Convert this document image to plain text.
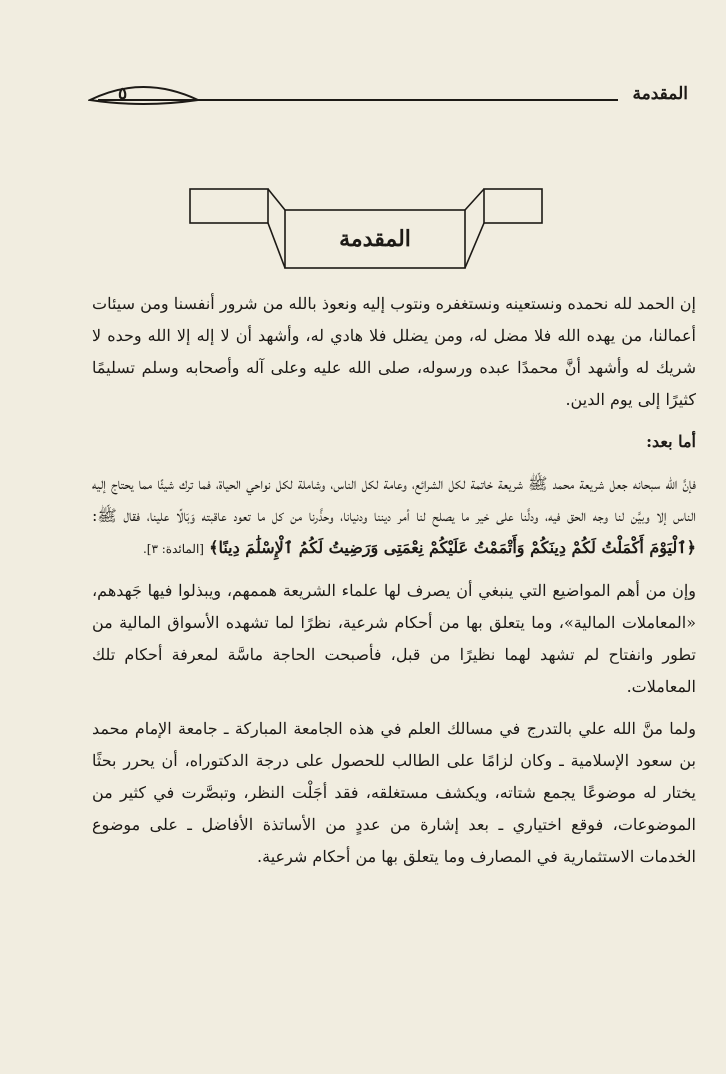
٥	المقدمة
المقدمة

إن الحمد لله نحمده ونستعينه ونستغفره ونتوب إليه ونعوذ بالله من شرور أنفسنا ومن سيئات أعمالنا، من يهده الله فلا مضل له، ومن يضلل فلا هادي له، وأشهد أن لا إله إلا الله وحده لا شريك له وأشهد أنَّ محمدًا عبده ورسوله، صلى الله عليه وعلى آله وأصحابه وسلم تسليمًا كثيرًا إلى يوم الدين.

أما بعد:

فإنَّ الله سبحانه جعل شريعة محمد ﷺ شريعة خاتمة لكل الشرائع، وعامة لكل الناس، وشاملة لكل نواحي الحياة، فما ترك شيئًا مما يحتاج إليه الناس إلا وبيَّن لنا وجه الحق فيه، ودلَّنا على خير ما يصلح لنا أمر ديننا ودنيانا، وحذَّرنا من كل ما تعود عاقبته وَبَالًا علينا، فقال ﷺ: ﴿ٱلْيَوْمَ أَكْمَلْتُ لَكُمْ دِينَكُمْ وَأَتْمَمْتُ عَلَيْكُمْ نِعْمَتِى وَرَضِيتُ لَكُمُ ٱلْإِسْلَٰمَ دِينًا﴾ [المائدة: ٣].

وإن من أهم المواضيع التي ينبغي أن يصرف لها علماء الشريعة هممهم، ويبذلوا فيها جَهدهم، «المعاملات المالية»، وما يتعلق بها من أحكام شرعية، نظرًا لما تشهده الأسواق المالية من تطور وانفتاح لم تشهد لهما نظيرًا من قبل، فأصبحت الحاجة ماسَّة لمعرفة أحكام تلك المعاملات.

ولما منَّ الله علي بالتدرج في مسالك العلم في هذه الجامعة المباركة ـ جامعة الإمام محمد بن سعود الإسلامية ـ وكان لزامًا على الطالب للحصول على درجة الدكتوراه، أن يحرر بحثًا يختار له موضوعًا يجمع شتاته، ويكشف مستغلقه، فقد أجَلْت النظر، وتبصَّرت في كثير من الموضوعات، فوقع اختياري ـ بعد إشارة من عددٍ من الأساتذة الأفاضل ـ على موضوع الخدمات الاستثمارية في المصارف وما يتعلق بها من أحكام شرعية.
